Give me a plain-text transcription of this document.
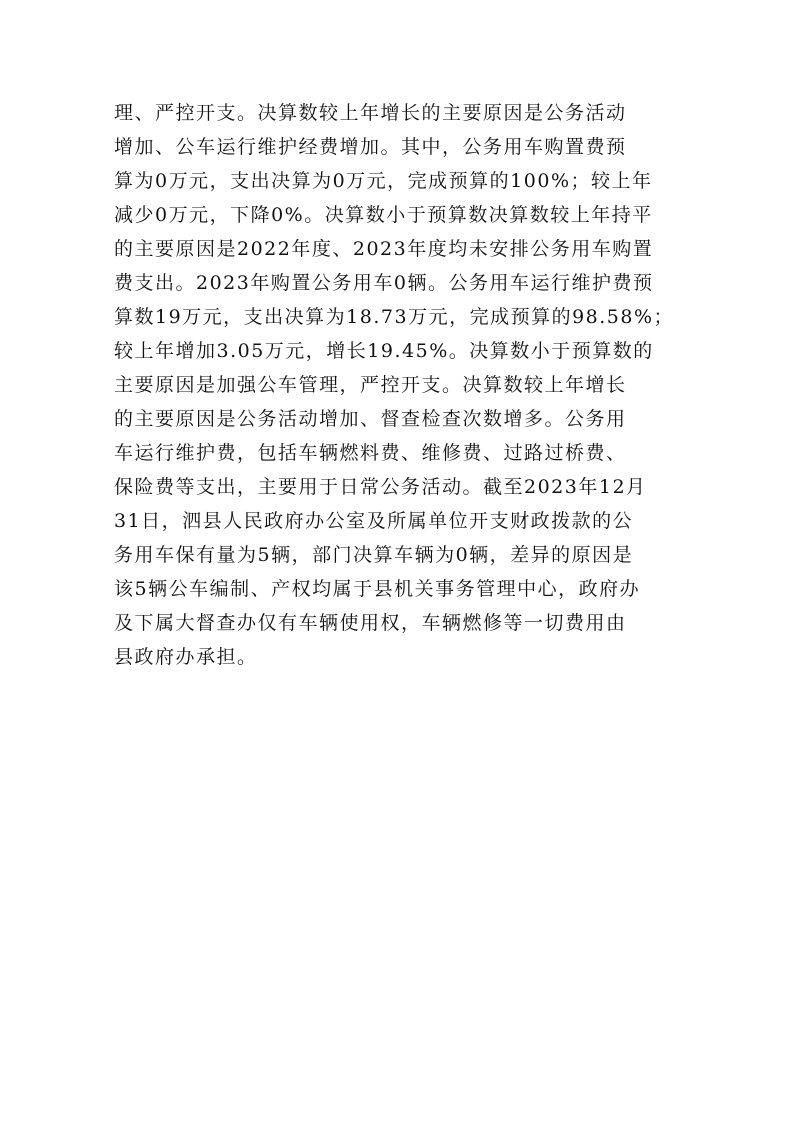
理、严控开支。决算数较上年增长的主要原因是公务活动
增加、公车运行维护经费增加。其中，公务用车购置费预
算为0万元，支出决算为0万元，完成预算的100%；较上年
减少0万元，下降0%。决算数小于预算数决算数较上年持平
的主要原因是2022年度、2023年度均未安排公务用车购置
费支出。2023年购置公务用车0辆。公务用车运行维护费预
算数19万元，支出决算为18.73万元，完成预算的98.58%；
较上年增加3.05万元，增长19.45%。决算数小于预算数的
主要原因是加强公车管理，严控开支。决算数较上年增长
的主要原因是公务活动增加、督查检查次数增多。公务用
车运行维护费，包括车辆燃料费、维修费、过路过桥费、
保险费等支出，主要用于日常公务活动。截至2023年12月
31日，泗县人民政府办公室及所属单位开支财政拨款的公
务用车保有量为5辆，部门决算车辆为0辆，差异的原因是
该5辆公车编制、产权均属于县机关事务管理中心，政府办
及下属大督查办仅有车辆使用权，车辆燃修等一切费用由
县政府办承担。
